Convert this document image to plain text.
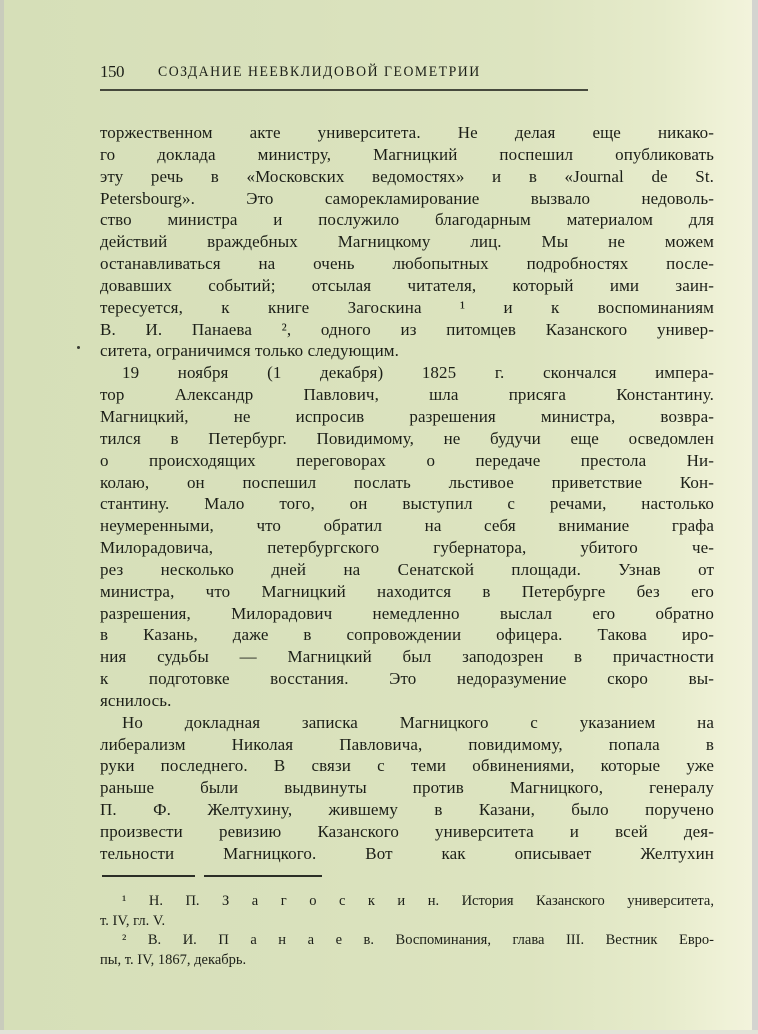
150 СОЗДАНИЕ НЕЕВКЛИДОВОЙ ГЕОМЕТРИИ
торжественном акте университета. Не делая еще никако-
го доклада министру, Магницкий поспешил опубликовать
эту речь в «Московских ведомостях» и в «Journal de St.
Petersbourg». Это саморекламирование вызвало недоволь-
ство министра и послужило благодарным материалом для
действий враждебных Магницкому лиц. Мы не можем
останавливаться на очень любопытных подробностях после-
довавших событий; отсылая читателя, который ими заин-
тересуется, к книге Загоскина ¹ и к воспоминаниям
В. И. Панаева ², одного из питомцев Казанского универ-
ситета, ограничимся только следующим.
19 ноября (1 декабря) 1825 г. скончался импера-
тор Александр Павлович, шла присяга Константину.
Магницкий, не испросив разрешения министра, возвра-
тился в Петербург. Повидимому, не будучи еще осведомлен
о происходящих переговорах о передаче престола Ни-
колаю, он поспешил послать льстивое приветствие Кон-
стантину. Мало того, он выступил с речами, настолько
неумеренными, что обратил на себя внимание графа
Милорадовича, петербургского губернатора, убитого че-
рез несколько дней на Сенатской площади. Узнав от
министра, что Магницкий находится в Петербурге без его
разрешения, Милорадович немедленно выслал его обратно
в Казань, даже в сопровождении офицера. Такова иро-
ния судьбы — Магницкий был заподозрен в причастности
к подготовке восстания. Это недоразумение скоро вы-
яснилось.
Но докладная записка Магницкого с указанием на
либерализм Николая Павловича, повидимому, попала в
руки последнего. В связи с теми обвинениями, которые уже
раньше были выдвинуты против Магницкого, генералу
П. Ф. Желтухину, жившему в Казани, было поручено
произвести ревизию Казанского университета и всей дея-
тельности Магницкого. Вот как описывает Желтухин
¹ Н. П. З а г о с к и н. История Казанского университета,
т. IV, гл. V.
² В. И. П а н а е в. Воспоминания, глава III. Вестник Евро-
пы, т. IV, 1867, декабрь.
